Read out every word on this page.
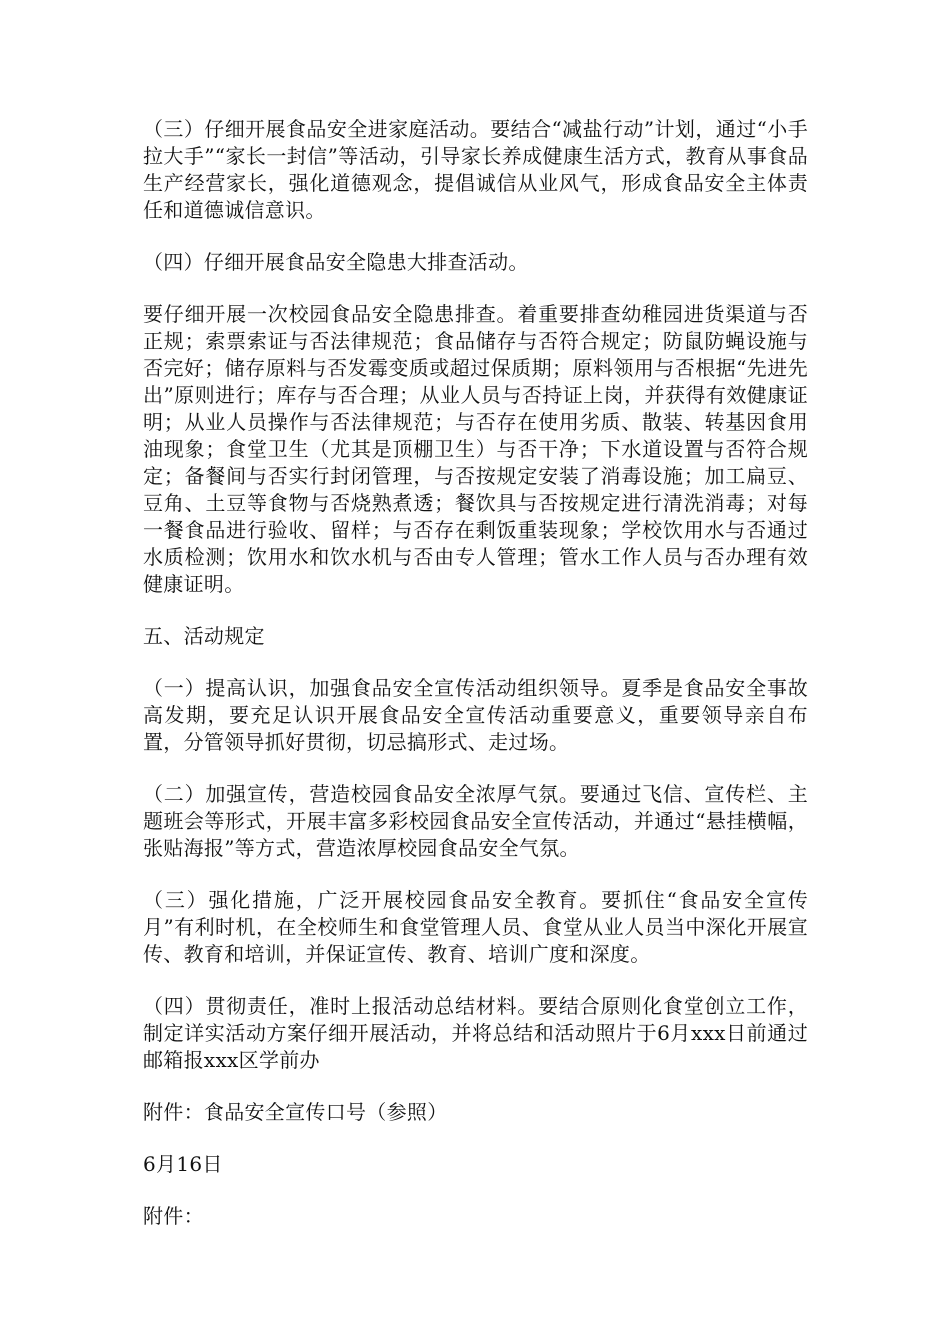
（三）仔细开展食品安全进家庭活动。要结合“减盐行动”计划，通过“小手拉大手”“家长一封信”等活动，引导家长养成健康生活方式，教育从事食品生产经营家长，强化道德观念，提倡诚信从业风气，形成食品安全主体责任和道德诚信意识。

（四）仔细开展食品安全隐患大排查活动。

要仔细开展一次校园食品安全隐患排查。着重要排查幼稚园进货渠道与否正规；索票索证与否法律规范；食品储存与否符合规定；防鼠防蝇设施与否完好；储存原料与否发霉变质或超过保质期；原料领用与否根据“先进先出”原则进行；库存与否合理；从业人员与否持证上岗，并获得有效健康证明；从业人员操作与否法律规范；与否存在使用劣质、散装、转基因食用油现象；食堂卫生（尤其是顶棚卫生）与否干净；下水道设置与否符合规定；备餐间与否实行封闭管理，与否按规定安装了消毒设施；加工扁豆、豆角、土豆等食物与否烧熟煮透；餐饮具与否按规定进行清洗消毒；对每一餐食品进行验收、留样；与否存在剩饭重装现象；学校饮用水与否通过水质检测；饮用水和饮水机与否由专人管理；管水工作人员与否办理有效健康证明。

五、活动规定

（一）提高认识，加强食品安全宣传活动组织领导。夏季是食品安全事故高发期，要充足认识开展食品安全宣传活动重要意义，重要领导亲自布置，分管领导抓好贯彻，切忌搞形式、走过场。

（二）加强宣传，营造校园食品安全浓厚气氛。要通过飞信、宣传栏、主题班会等形式，开展丰富多彩校园食品安全宣传活动，并通过“悬挂横幅，张贴海报”等方式，营造浓厚校园食品安全气氛。

（三）强化措施，广泛开展校园食品安全教育。要抓住“食品安全宣传月”有利时机，在全校师生和食堂管理人员、食堂从业人员当中深化开展宣传、教育和培训，并保证宣传、教育、培训广度和深度。

（四）贯彻责任，准时上报活动总结材料。要结合原则化食堂创立工作，制定详实活动方案仔细开展活动，并将总结和活动照片于6月xxx日前通过邮箱报xxx区学前办

附件：食品安全宣传口号（参照）

6月16日

附件：
